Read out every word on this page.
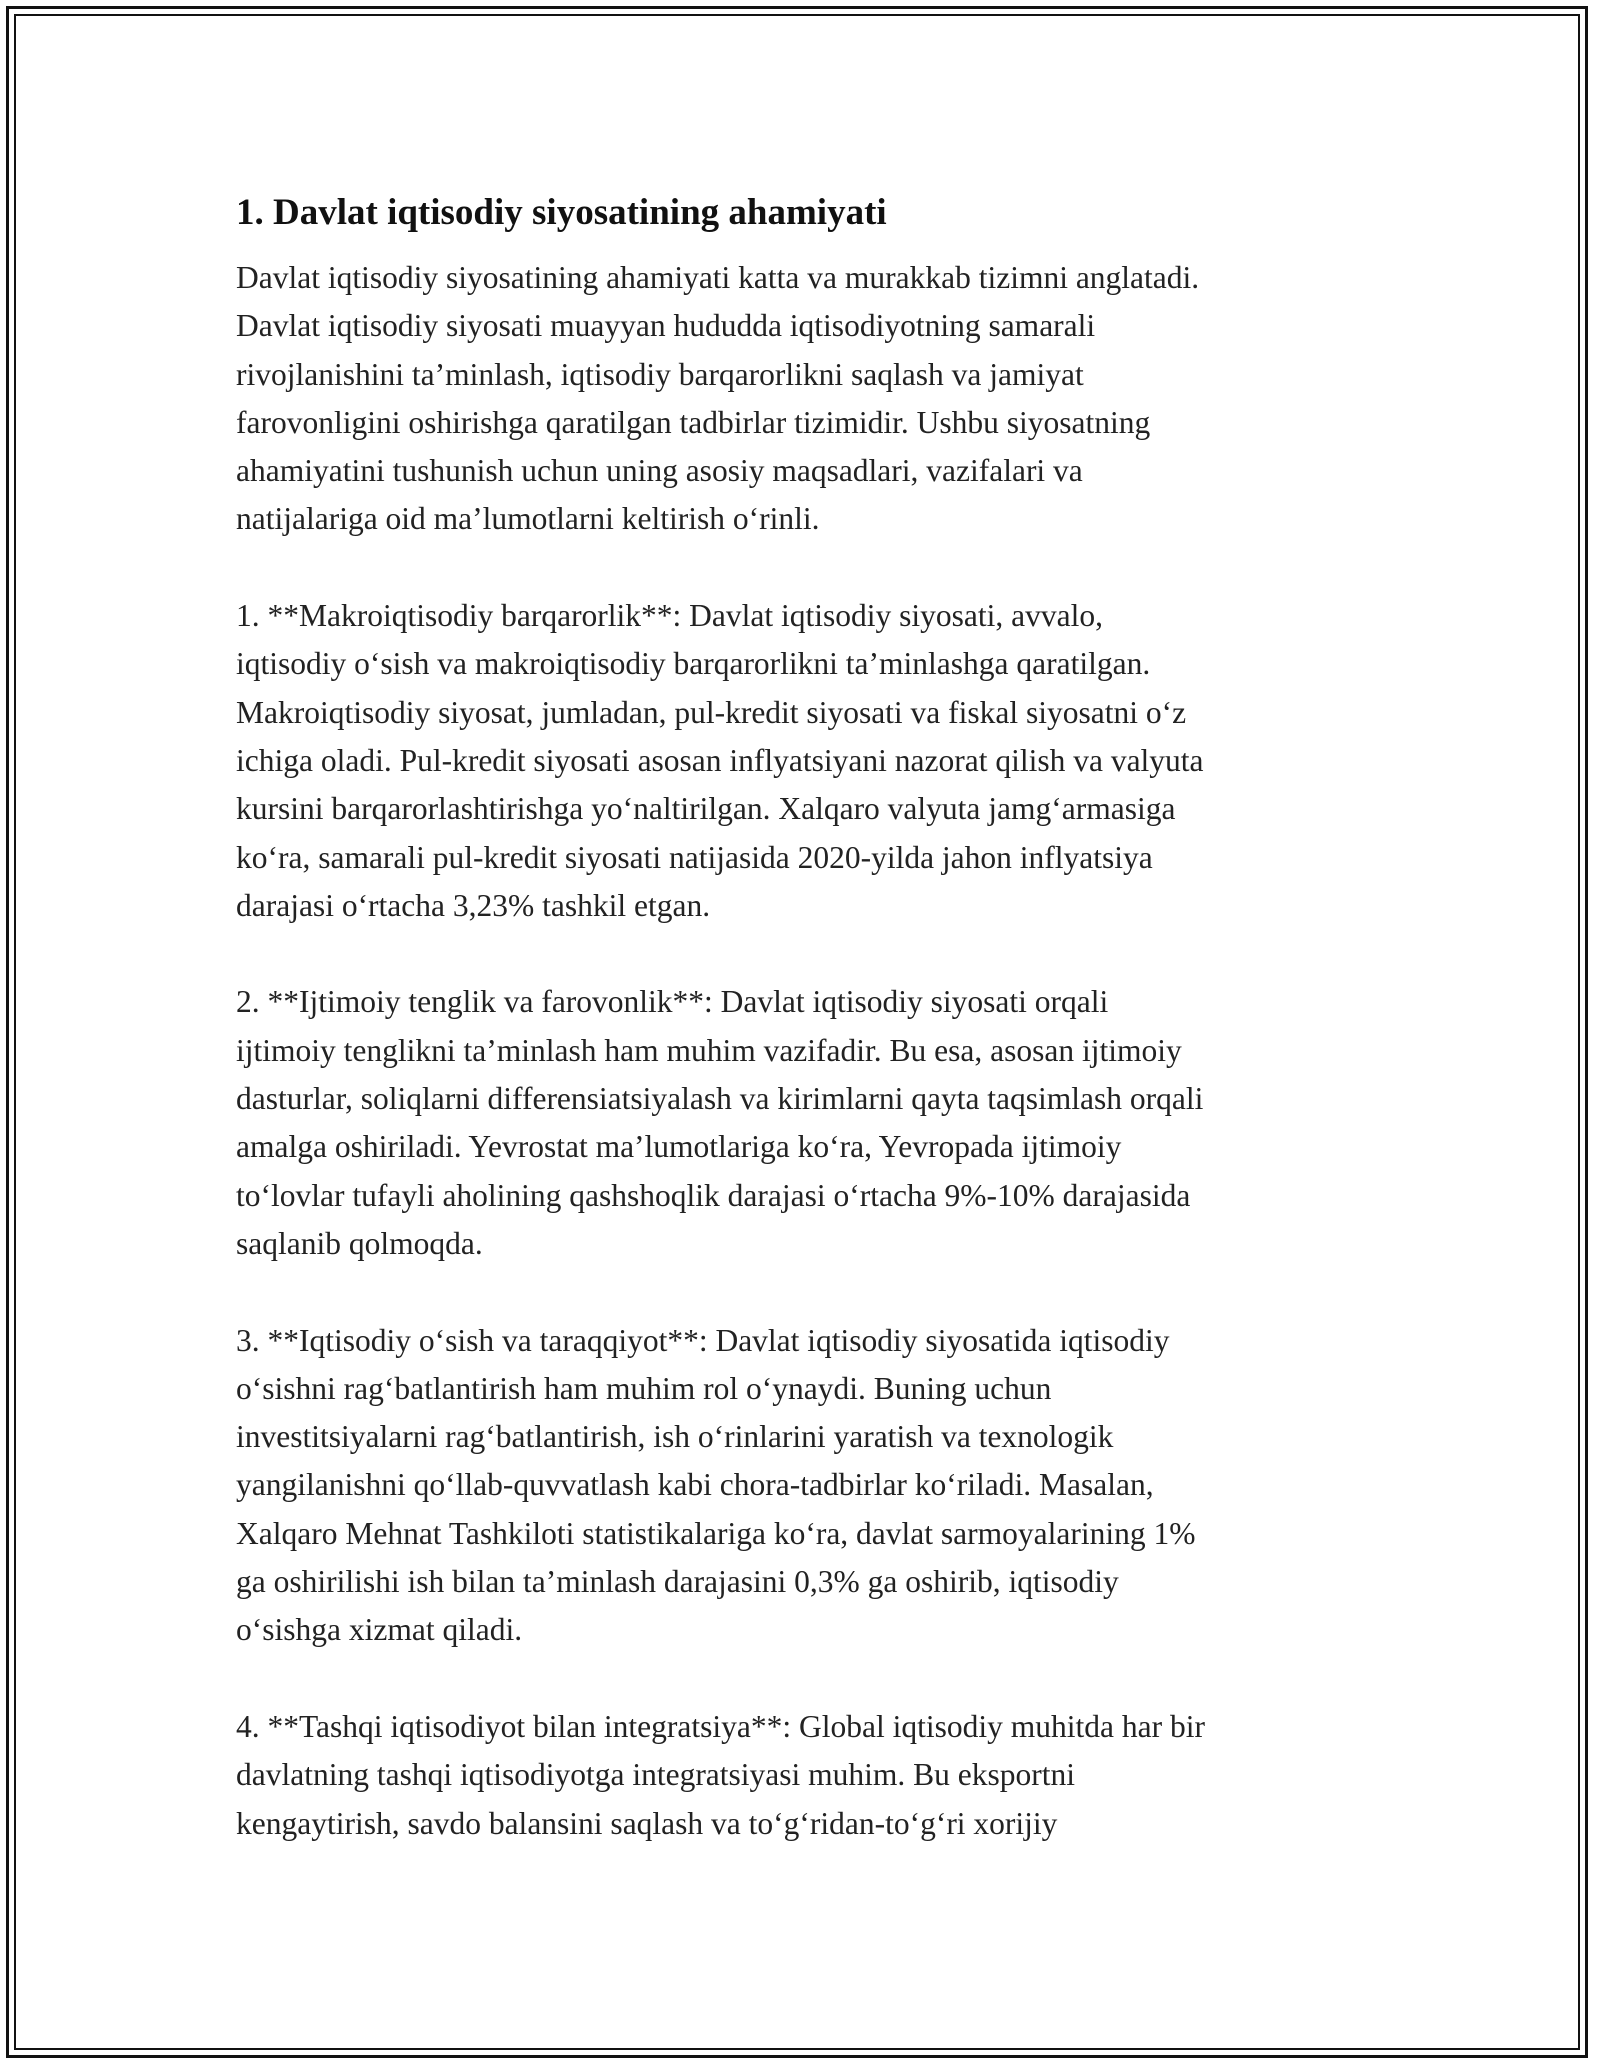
1. Davlat iqtisodiy siyosatining ahamiyati

Davlat iqtisodiy siyosatining ahamiyati katta va murakkab tizimni anglatadi.
Davlat iqtisodiy siyosati muayyan hududda iqtisodiyotning samarali
rivojlanishini ta’minlash, iqtisodiy barqarorlikni saqlash va jamiyat
farovonligini oshirishga qaratilgan tadbirlar tizimidir. Ushbu siyosatning
ahamiyatini tushunish uchun uning asosiy maqsadlari, vazifalari va
natijalariga oid ma’lumotlarni keltirish o‘rinli.

1. **Makroiqtisodiy barqarorlik**: Davlat iqtisodiy siyosati, avvalo,
iqtisodiy o‘sish va makroiqtisodiy barqarorlikni ta’minlashga qaratilgan.
Makroiqtisodiy siyosat, jumladan, pul-kredit siyosati va fiskal siyosatni o‘z
ichiga oladi. Pul-kredit siyosati asosan inflyatsiyani nazorat qilish va valyuta
kursini barqarorlashtirishga yo‘naltirilgan. Xalqaro valyuta jamg‘armasiga
ko‘ra, samarali pul-kredit siyosati natijasida 2020-yilda jahon inflyatsiya
darajasi o‘rtacha 3,23% tashkil etgan.

2. **Ijtimoiy tenglik va farovonlik**: Davlat iqtisodiy siyosati orqali
ijtimoiy tenglikni ta’minlash ham muhim vazifadir. Bu esa, asosan ijtimoiy
dasturlar, soliqlarni differensiatsiyalash va kirimlarni qayta taqsimlash orqali
amalga oshiriladi. Yevrostat ma’lumotlariga ko‘ra, Yevropada ijtimoiy
to‘lovlar tufayli aholining qashshoqlik darajasi o‘rtacha 9%-10% darajasida
saqlanib qolmoqda.

3. **Iqtisodiy o‘sish va taraqqiyot**: Davlat iqtisodiy siyosatida iqtisodiy
o‘sishni rag‘batlantirish ham muhim rol o‘ynaydi. Buning uchun
investitsiyalarni rag‘batlantirish, ish o‘rinlarini yaratish va texnologik
yangilanishni qo‘llab-quvvatlash kabi chora-tadbirlar ko‘riladi. Masalan,
Xalqaro Mehnat Tashkiloti statistikalariga ko‘ra, davlat sarmoyalarining 1%
ga oshirilishi ish bilan ta’minlash darajasini 0,3% ga oshirib, iqtisodiy
o‘sishga xizmat qiladi.

4. **Tashqi iqtisodiyot bilan integratsiya**: Global iqtisodiy muhitda har bir
davlatning tashqi iqtisodiyotga integratsiyasi muhim. Bu eksportni
kengaytirish, savdo balansini saqlash va to‘g‘ridan-to‘g‘ri xorijiy
